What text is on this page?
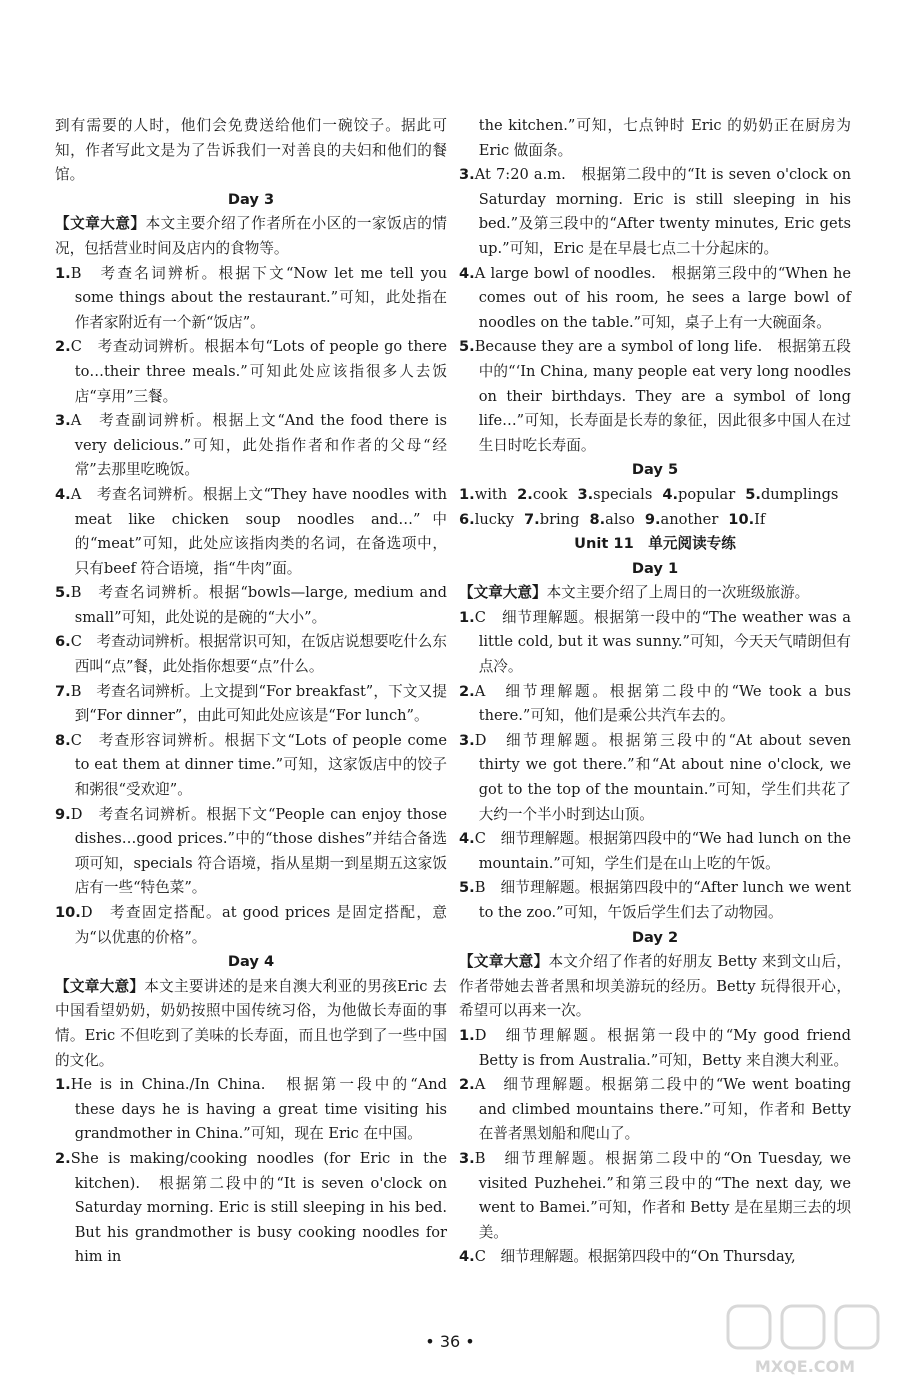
到有需要的人时，他们会免费送给他们一碗饺子。据此可知，作者写此文是为了告诉我们一对善良的夫妇和他们的餐馆。

Day 3

【文章大意】本文主要介绍了作者所在小区的一家饭店的情况，包括营业时间及店内的食物等。

1.B　考查名词辨析。根据下文“Now let me tell you some things about the restaurant.”可知，此处指在作者家附近有一个新“饭店”。

2.C　考查动词辨析。根据本句“Lots of people go there to…their three meals.”可知此处应该指很多人去饭店“享用”三餐。

3.A　考查副词辨析。根据上文“And the food there is very delicious.”可知，此处指作者和作者的父母“经常”去那里吃晚饭。

4.A　考查名词辨析。根据上文“They have noodles with meat like chicken soup noodles and…”中的“meat”可知，此处应该指肉类的名词，在备选项中，只有beef 符合语境，指“牛肉”面。

5.B　考查名词辨析。根据“bowls—large, medium and small”可知，此处说的是碗的“大小”。

6.C　考查动词辨析。根据常识可知，在饭店说想要吃什么东西叫“点”餐，此处指你想要“点”什么。

7.B　考查名词辨析。上文提到“For breakfast”，下文又提到“For dinner”，由此可知此处应该是“For lunch”。

8.C　考查形容词辨析。根据下文“Lots of people come to eat them at dinner time.”可知，这家饭店中的饺子和粥很“受欢迎”。

9.D　考查名词辨析。根据下文“People can enjoy those dishes…good prices.”中的“those dishes”并结合备选项可知，specials 符合语境，指从星期一到星期五这家饭店有一些“特色菜”。

10.D　考查固定搭配。at good prices 是固定搭配，意为“以优惠的价格”。

Day 4

【文章大意】本文主要讲述的是来自澳大利亚的男孩Eric 去中国看望奶奶，奶奶按照中国传统习俗，为他做长寿面的事情。Eric 不但吃到了美味的长寿面，而且也学到了一些中国的文化。

1.He is in China./In China.　根据第一段中的“And these days he is having a great time visiting his grandmother in China.”可知，现在 Eric 在中国。

2.She is making/cooking noodles (for Eric in the kitchen).　根据第二段中的“It is seven o'clock on Saturday morning. Eric is still sleeping in his bed. But his grandmother is busy cooking noodles for him in

the kitchen.”可知，七点钟时 Eric 的奶奶正在厨房为 Eric 做面条。

3.At 7:20 a.m.　根据第二段中的“It is seven o'clock on Saturday morning. Eric is still sleeping in his bed.”及第三段中的“After twenty minutes, Eric gets up.”可知，Eric 是在早晨七点二十分起床的。

4.A large bowl of noodles.　根据第三段中的“When he comes out of his room, he sees a large bowl of noodles on the table.”可知，桌子上有一大碗面条。

5.Because they are a symbol of long life.　根据第五段中的“‘In China, many people eat very long noodles on their birthdays. They are a symbol of long life…”可知，长寿面是长寿的象征，因此很多中国人在过生日时吃长寿面。

Day 5

1.with 2.cook 3.specials 4.popular 5.dumplings

6.lucky 7.bring 8.also 9.another 10.If

Unit 11　单元阅读专练

Day 1

【文章大意】本文主要介绍了上周日的一次班级旅游。

1.C　细节理解题。根据第一段中的“The weather was a little cold, but it was sunny.”可知，今天天气晴朗但有点冷。

2.A　细节理解题。根据第二段中的“We took a bus there.”可知，他们是乘公共汽车去的。

3.D　细节理解题。根据第三段中的“At about seven thirty we got there.”和“At about nine o'clock, we got to the top of the mountain.”可知，学生们共花了大约一个半小时到达山顶。

4.C　细节理解题。根据第四段中的“We had lunch on the mountain.”可知，学生们是在山上吃的午饭。

5.B　细节理解题。根据第四段中的“After lunch we went to the zoo.”可知，午饭后学生们去了动物园。

Day 2

【文章大意】本文介绍了作者的好朋友 Betty 来到文山后，作者带她去普者黑和坝美游玩的经历。Betty 玩得很开心，希望可以再来一次。

1.D　细节理解题。根据第一段中的“My good friend Betty is from Australia.”可知，Betty 来自澳大利亚。

2.A　细节理解题。根据第二段中的“We went boating and climbed mountains there.”可知，作者和 Betty 在普者黑划船和爬山了。

3.B　细节理解题。根据第二段中的“On Tuesday, we visited Puzhehei.”和第三段中的“The next day, we went to Bamei.”可知，作者和 Betty 是在星期三去的坝美。

4.C　细节理解题。根据第四段中的“On Thursday,

• 36 •
MXQE.COM
